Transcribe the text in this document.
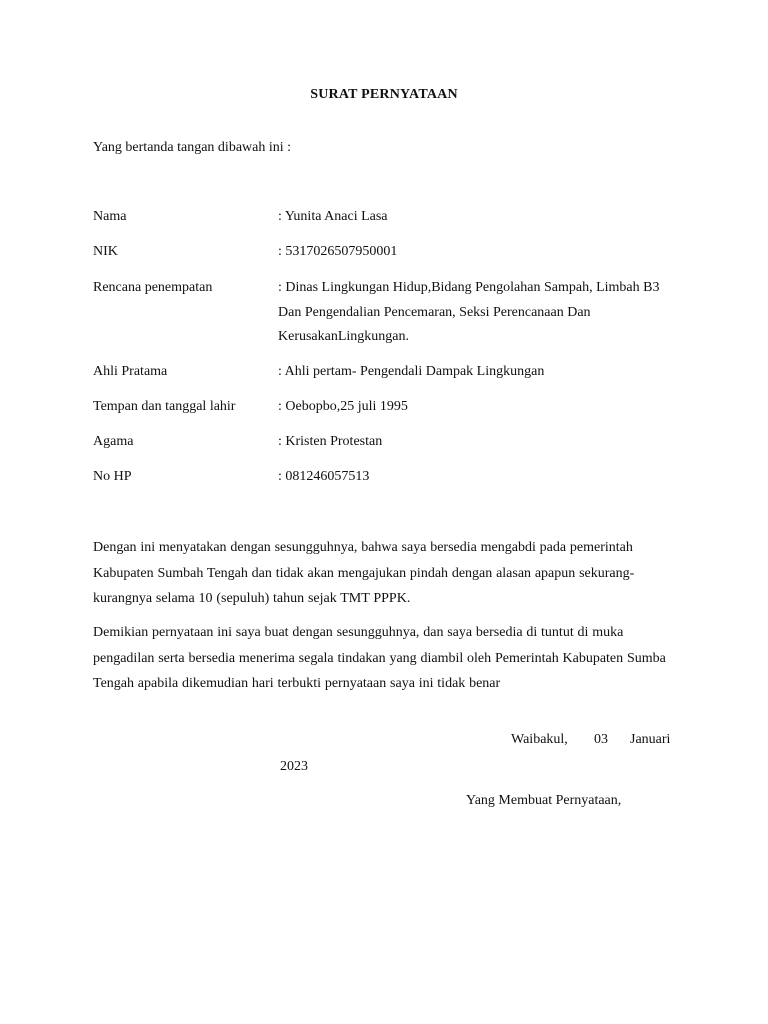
SURAT PERNYATAAN
Yang bertanda tangan dibawah ini :
Nama	: Yunita Anaci Lasa
NIK	: 5317026507950001
Rencana penempatan	: Dinas Lingkungan Hidup,Bidang Pengolahan Sampah, Limbah B3 Dan Pengendalian Pencemaran, Seksi Perencanaan Dan KerusakanLingkungan.
Ahli Pratama	: Ahli pertam- Pengendali Dampak Lingkungan
Tempan dan tanggal lahir	: Oebopbo,25 juli 1995
Agama	: Kristen Protestan
No HP	: 081246057513
Dengan ini menyatakan dengan sesungguhnya, bahwa saya bersedia mengabdi pada pemerintah Kabupaten Sumbah Tengah dan tidak akan mengajukan pindah dengan alasan apapun sekurang-kurangnya selama 10 (sepuluh) tahun sejak TMT PPPK.
Demikian pernyataan ini saya buat dengan sesungguhnya, dan saya bersedia di tuntut di muka pengadilan serta bersedia menerima segala tindakan yang diambil oleh Pemerintah Kabupaten Sumba Tengah apabila dikemudian hari terbukti pernyataan saya ini tidak benar
Waibakul, 03 Januari
2023
Yang Membuat Pernyataan,
